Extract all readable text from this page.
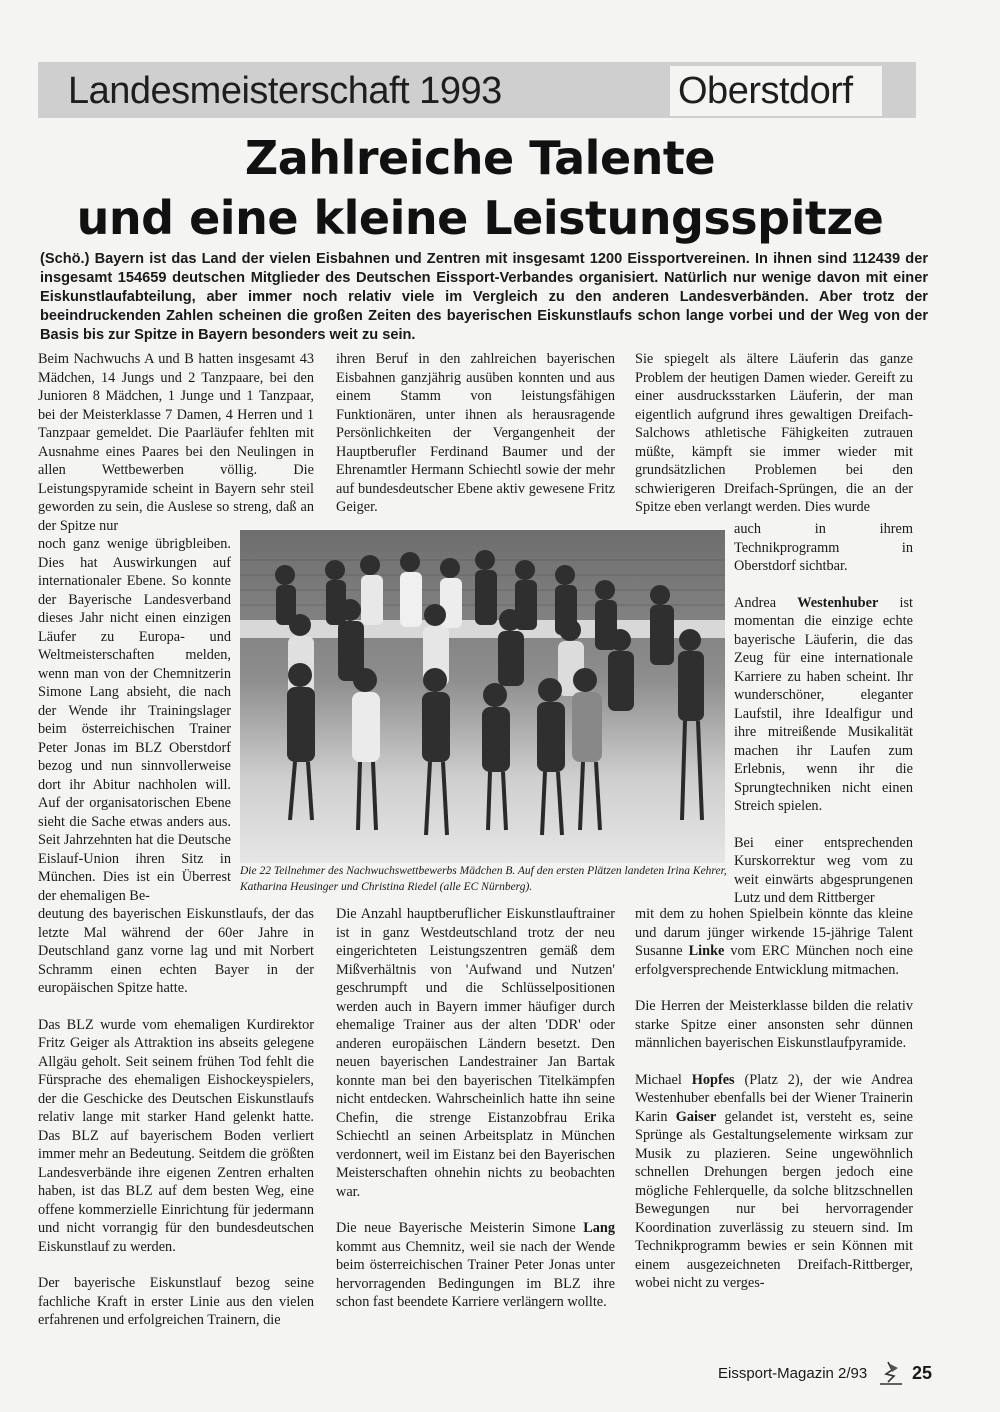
Landesmeisterschaft 1993	Oberstdorf
Zahlreiche Talente
und eine kleine Leistungsspitze

(Schö.) Bayern ist das Land der vielen Eisbahnen und Zentren mit insgesamt 1200 Eissportvereinen. In ihnen sind 112439 der insgesamt 154659 deutschen Mitglieder des Deutschen Eissport-Verbandes organisiert. Natürlich nur wenige davon mit einer Eiskunstlaufabteilung, aber immer noch relativ viele im Vergleich zu den anderen Landesverbänden. Aber trotz der beeindruckenden Zahlen scheinen die großen Zeiten des bayerischen Eiskunstlaufs schon lange vorbei und der Weg von der Basis bis zur Spitze in Bayern besonders weit zu sein.

Beim Nachwuchs A und B hatten insgesamt 43 Mädchen, 14 Jungs und 2 Tanzpaare, bei den Junioren 8 Mädchen, 1 Junge und 1 Tanzpaar, bei der Meisterklasse 7 Damen, 4 Herren und 1 Tanzpaar gemeldet. Die Paarläufer fehlten mit Ausnahme eines Paares bei den Neulingen in allen Wettbewerben völlig. Die Leistungspyramide scheint in Bayern sehr steil geworden zu sein, die Auslese so streng, daß an der Spitze nur

noch ganz wenige übrigbleiben. Dies hat Auswirkungen auf internationaler Ebene. So konnte der Bayerische Landesverband dieses Jahr nicht einen einzigen Läufer zu Europa- und Weltmeisterschaften melden, wenn man von der Chemnitzerin Simone Lang absieht, die nach der Wende ihr Trainingslager beim österreichischen Trainer Peter Jonas im BLZ Oberstdorf bezog und nun sinnvollerweise dort ihr Abitur nachholen will. Auf der organisatorischen Ebene sieht die Sache etwas anders aus. Seit Jahrzehnten hat die Deutsche Eislauf-Union ihren Sitz in München. Dies ist ein Überrest der ehemaligen Be-

deutung des bayerischen Eiskunstlaufs, der das letzte Mal während der 60er Jahre in Deutschland ganz vorne lag und mit Norbert Schramm einen echten Bayer in der europäischen Spitze hatte.

Das BLZ wurde vom ehemaligen Kurdirektor Fritz Geiger als Attraktion ins abseits gelegene Allgäu geholt. Seit seinem frühen Tod fehlt die Fürsprache des ehemaligen Eishockeyspielers, der die Geschicke des Deutschen Eiskunstlaufs relativ lange mit starker Hand gelenkt hatte. Das BLZ auf bayerischem Boden verliert immer mehr an Bedeutung. Seitdem die größten Landesverbände ihre eigenen Zentren erhalten haben, ist das BLZ auf dem besten Weg, eine offene kommerzielle Einrichtung für jedermann und nicht vorrangig für den bundesdeutschen Eiskunstlauf zu werden.

Der bayerische Eiskunstlauf bezog seine fachliche Kraft in erster Linie aus den vielen erfahrenen und erfolgreichen Trainern, die

ihren Beruf in den zahlreichen bayerischen Eisbahnen ganzjährig ausüben konnten und aus einem Stamm von leistungsfähigen Funktionären, unter ihnen als herausragende Persönlichkeiten der Vergangenheit der Hauptberufler Ferdinand Baumer und der Ehrenamtler Hermann Schiechtl sowie der mehr auf bundesdeutscher Ebene aktiv gewesene Fritz Geiger.

Die Anzahl hauptberuflicher Eiskunstlauftrainer ist in ganz Westdeutschland trotz der neu eingerichteten Leistungszentren gemäß dem Mißverhältnis von 'Aufwand und Nutzen' geschrumpft und die Schlüsselpositionen werden auch in Bayern immer häufiger durch ehemalige Trainer aus der alten 'DDR' oder anderen europäischen Ländern besetzt. Den neuen bayerischen Landestrainer Jan Bartak konnte man bei den bayerischen Titelkämpfen nicht entdecken. Wahrscheinlich hatte ihn seine Chefin, die strenge Eistanzobfrau Erika Schiechtl an seinen Arbeitsplatz in München verdonnert, weil im Eistanz bei den Bayerischen Meisterschaften ohnehin nichts zu beobachten war.

Die neue Bayerische Meisterin Simone Lang kommt aus Chemnitz, weil sie nach der Wende beim österreichischen Trainer Peter Jonas unter hervorragenden Bedingungen im BLZ ihre schon fast beendete Karriere verlängern wollte.

Sie spiegelt als ältere Läuferin das ganze Problem der heutigen Damen wieder. Gereift zu einer ausdrucksstarken Läuferin, der man eigentlich aufgrund ihres gewaltigen Dreifach-Salchows athletische Fähigkeiten zutrauen müßte, kämpft sie immer wieder mit grundsätzlichen Problemen bei den schwierigeren Dreifach-Sprüngen, die an der Spitze eben verlangt werden. Dies wurde

auch in ihrem Technikprogramm in Oberstdorf sichtbar.

Andrea Westenhuber ist momentan die einzige echte bayerische Läuferin, die das Zeug für eine internationale Karriere zu haben scheint. Ihr wunderschöner, eleganter Laufstil, ihre Idealfigur und ihre mitreißende Musikalität machen ihr Laufen zum Erlebnis, wenn ihr die Sprungtechniken nicht einen Streich spielen.

Bei einer entsprechenden Kurskorrektur weg vom zu weit einwärts abgesprungenen Lutz und dem Rittberger

mit dem zu hohen Spielbein könnte das kleine und darum jünger wirkende 15-jährige Talent Susanne Linke vom ERC München noch eine erfolgversprechende Entwicklung mitmachen.

Die Herren der Meisterklasse bilden die relativ starke Spitze einer ansonsten sehr dünnen männlichen bayerischen Eiskunstlaufpyramide.

Michael Hopfes (Platz 2), der wie Andrea Westenhuber ebenfalls bei der Wiener Trainerin Karin Gaiser gelandet ist, versteht es, seine Sprünge als Gestaltungselemente wirksam zur Musik zu plazieren. Seine ungewöhnlich schnellen Drehungen bergen jedoch eine mögliche Fehlerquelle, da solche blitzschnellen Bewegungen nur bei hervorragender Koordination zuverlässig zu steuern sind. Im Technikprogramm bewies er sein Können mit einem ausgezeichneten Dreifach-Rittberger, wobei nicht zu verges-

Die 22 Teilnehmer des Nachwuchswettbewerbs Mädchen B. Auf den ersten Plätzen landeten Irina Kehrer, Katharina Heusinger und Christina Riedel (alle EC Nürnberg).

Eissport-Magazin 2/93 25
